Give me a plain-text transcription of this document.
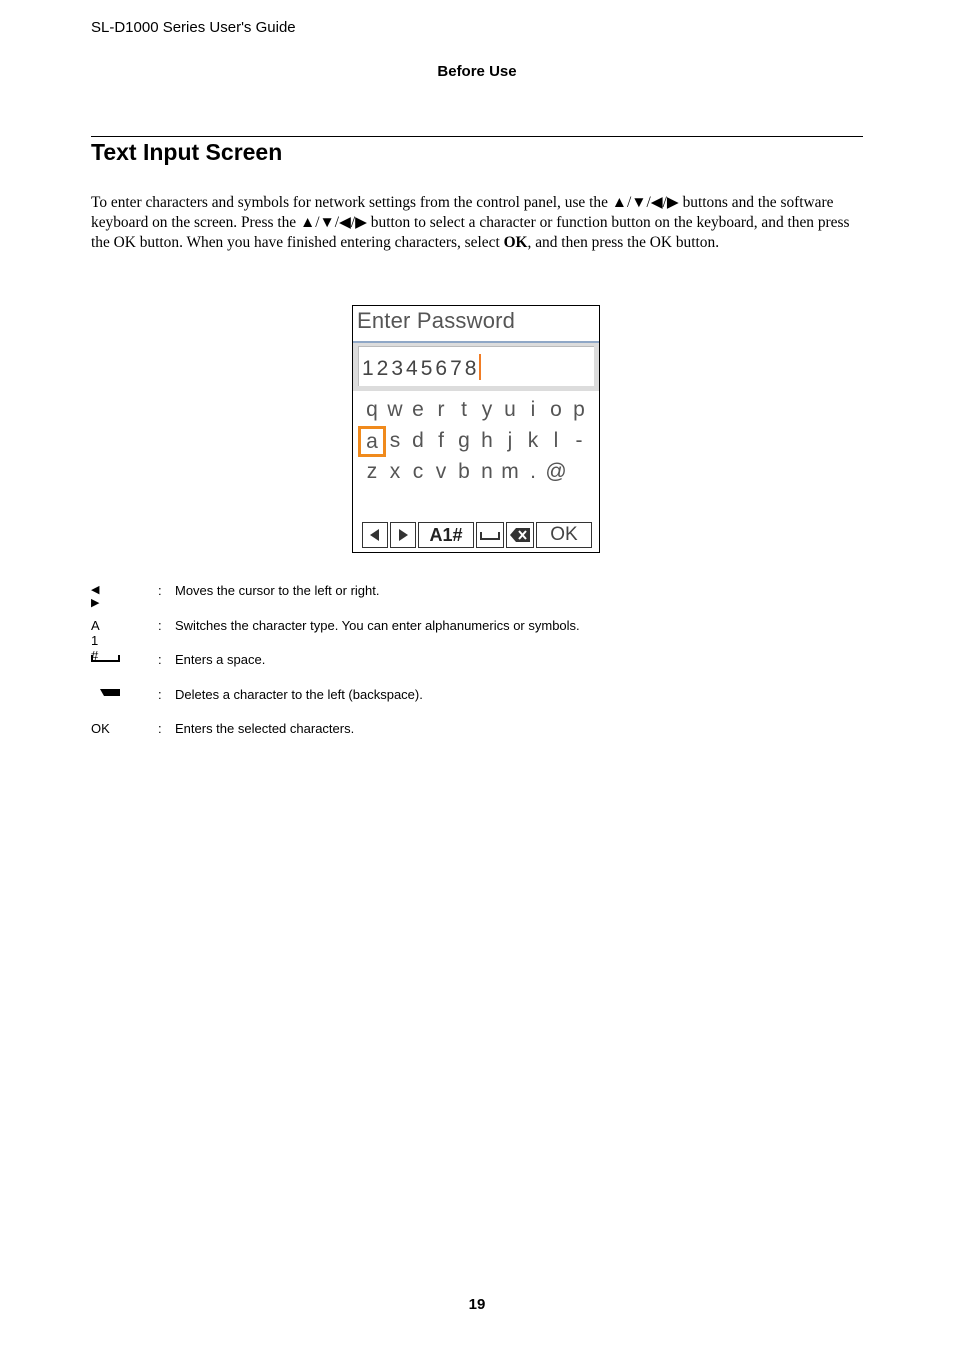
SL-D1000 Series User's Guide
Before Use
Text Input Screen

To enter characters and symbols for network settings from the control panel, use the ▲/▼/◀/▶ buttons and the software keyboard on the screen. Press the ▲/▼/◀/▶ button to select a character or function button on the keyboard, and then press the OK button. When you have finished entering characters, select OK, and then press the OK button.

Enter Password
12345678
q w e r t y u i o p
a s d f g h j k l -
z x c v b n m . @
A1#	OK
◀ ▶
: Moves the cursor to the left or right.
A 1 #
: Switches the character type. You can enter alphanumerics or symbols.
: Enters a space.
: Deletes a character to the left (backspace).
OK	: Enters the selected characters.
19
